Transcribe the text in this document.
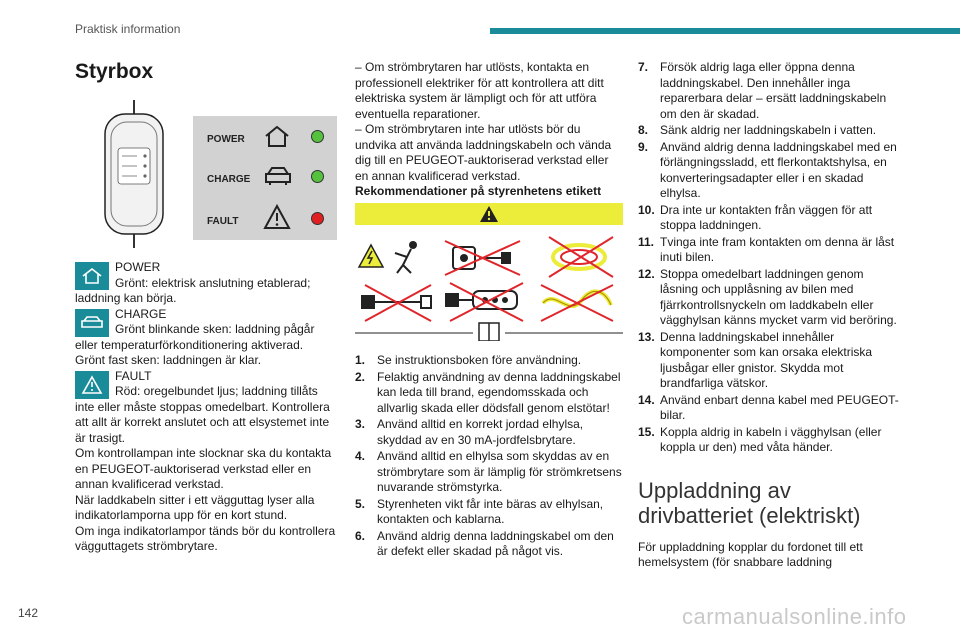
Praktisk information
Styrbox
POWER
CHARGE
FAULT
POWER
Grönt: elektrisk anslutning etablerad; laddning kan börja.
CHARGE
Grönt blinkande sken: laddning pågår eller temperaturförkonditionering aktiverad.

Grönt fast sken: laddningen är klar.

FAULT
Röd: oregelbundet ljus; laddning tillåts inte eller måste stoppas omedelbart. Kontrollera att allt är korrekt anslutet och att elsystemet inte är trasigt.

Om kontrollampan inte slocknar ska du kontakta en PEUGEOT-auktoriserad verkstad eller en annan kvalificerad verkstad.

När laddkabeln sitter i ett vägguttag lyser alla indikatorlamporna upp för en kort stund.

Om inga indikatorlampor tänds bör du kontrollera vägguttagets strömbrytare.

– Om strömbrytaren har utlösts, kontakta en professionell elektriker för att kontrollera att ditt elektriska system är lämpligt och för att utföra eventuella reparationer.

– Om strömbrytaren inte har utlösts bör du undvika att använda laddningskabeln och vända dig till en PEUGEOT-auktoriserad verkstad eller en annan kvalificerad verkstad.

Rekommendationer på styrenhetens etikett

i
1. Se instruktionsboken före användning.
2. Felaktig användning av denna laddningskabel kan leda till brand, egendomsskada och allvarlig skada eller dödsfall genom elstötar!
3. Använd alltid en korrekt jordad elhylsa, skyddad av en 30 mA-jordfelsbrytare.
4. Använd alltid en elhylsa som skyddas av en strömbrytare som är lämplig för strömkretsens nuvarande strömstyrka.
5. Styrenheten vikt får inte bäras av elhylsan, kontakten och kablarna.
6. Använd aldrig denna laddningskabel om den är defekt eller skadad på något vis.
7. Försök aldrig laga eller öppna denna laddningskabel. Den innehåller inga reparerbara delar – ersätt laddningskabeln om den är skadad.
8. Sänk aldrig ner laddningskabeln i vatten.
9. Använd aldrig denna laddningskabel med en förlängningssladd, ett flerkontaktshylsa, en konverteringsadapter eller i en skadad elhylsa.
10. Dra inte ur kontakten från väggen för att stoppa laddningen.
11. Tvinga inte fram kontakten om denna är låst inuti bilen.
12. Stoppa omedelbart laddningen genom låsning och upplåsning av bilen med fjärrkontrollsnyckeln om laddkabeln eller vägghylsan känns mycket varm vid beröring.
13. Denna laddningskabel innehåller komponenter som kan orsaka elektriska ljusbågar eller gnistor. Skydda mot brandfarliga vätskor.
14. Använd enbart denna kabel med PEUGEOT-bilar.
15. Koppla aldrig in kabeln i vägghylsan (eller koppla ur den) med våta händer.
Uppladdning av drivbatteriet (elektriskt)

För uppladdning kopplar du fordonet till ett hemelsystem (för snabbare laddning

142	carmanualsonline.info
